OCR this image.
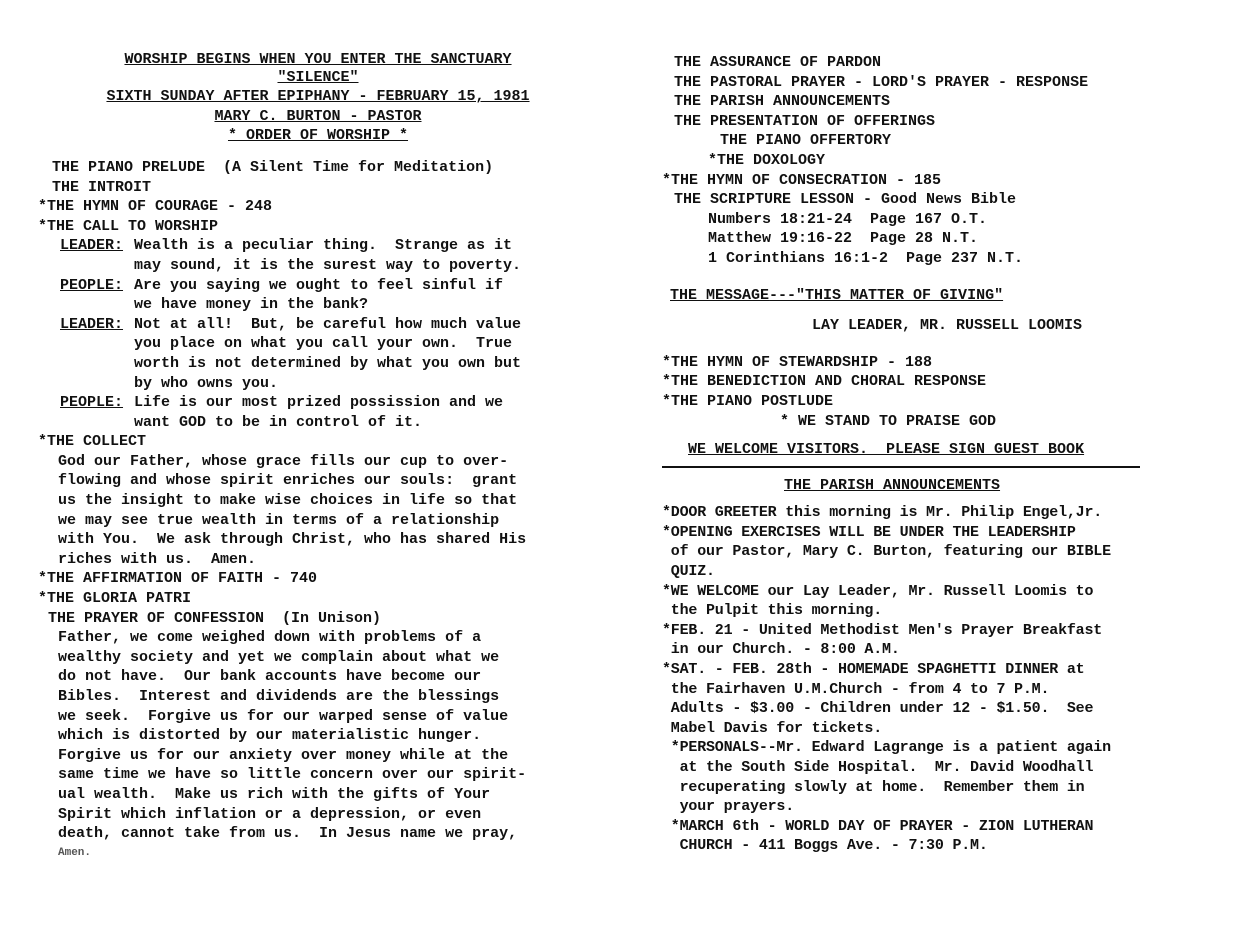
WORSHIP BEGINS WHEN YOU ENTER THE SANCTUARY
"SILENCE"
SIXTH SUNDAY AFTER EPIPHANY - FEBRUARY 15, 1981
MARY C. BURTON - PASTOR
* ORDER OF WORSHIP *
THE PIANO PRELUDE  (A Silent Time for Meditation)
THE INTROIT
*THE HYMN OF COURAGE - 248
*THE CALL TO WORSHIP
LEADER: Wealth is a peculiar thing.  Strange as it
may sound, it is the surest way to poverty.
PEOPLE: Are you saying we ought to feel sinful if
we have money in the bank?
LEADER: Not at all!  But, be careful how much value
you place on what you call your own.  True
worth is not determined by what you own but
by who owns you.
PEOPLE: Life is our most prized possission and we
want GOD to be in control of it.
*THE COLLECT
God our Father, whose grace fills our cup to over-
flowing and whose spirit enriches our souls:  grant
us the insight to make wise choices in life so that
we may see true wealth in terms of a relationship
with You.  We ask through Christ, who has shared His
riches with us.  Amen.
*THE AFFIRMATION OF FAITH - 740
*THE GLORIA PATRI
THE PRAYER OF CONFESSION  (In Unison)
Father, we come weighed down with problems of a
wealthy society and yet we complain about what we
do not have.  Our bank accounts have become our
Bibles.  Interest and dividends are the blessings
we seek.  Forgive us for our warped sense of value
which is distorted by our materialistic hunger.
Forgive us for our anxiety over money while at the
same time we have so little concern over our spirit-
ual wealth.  Make us rich with the gifts of Your
Spirit which inflation or a depression, or even
death, cannot take from us.  In Jesus name we pray,
Amen.
THE ASSURANCE OF PARDON
THE PASTORAL PRAYER - LORD'S PRAYER - RESPONSE
THE PARISH ANNOUNCEMENTS
THE PRESENTATION OF OFFERINGS
THE PIANO OFFERTORY
*THE DOXOLOGY
*THE HYMN OF CONSECRATION - 185
THE SCRIPTURE LESSON - Good News Bible
Numbers 18:21-24  Page 167 O.T.
Matthew 19:16-22  Page 28 N.T.
1 Corinthians 16:1-2  Page 237 N.T.
THE MESSAGE---"THIS MATTER OF GIVING"
LAY LEADER, MR. RUSSELL LOOMIS
*THE HYMN OF STEWARDSHIP - 188
*THE BENEDICTION AND CHORAL RESPONSE
*THE PIANO POSTLUDE
* WE STAND TO PRAISE GOD
WE WELCOME VISITORS.  PLEASE SIGN GUEST BOOK
THE PARISH ANNOUNCEMENTS
*DOOR GREETER this morning is Mr. Philip Engel,Jr.
*OPENING EXERCISES WILL BE UNDER THE LEADERSHIP
of our Pastor, Mary C. Burton, featuring our BIBLE
QUIZ.
*WE WELCOME our Lay Leader, Mr. Russell Loomis to
the Pulpit this morning.
*FEB. 21 - United Methodist Men's Prayer Breakfast
in our Church. - 8:00 A.M.
*SAT. - FEB. 28th - HOMEMADE SPAGHETTI DINNER at
the Fairhaven U.M.Church - from 4 to 7 P.M.
Adults - $3.00 - Children under 12 - $1.50.  See
Mabel Davis for tickets.
*PERSONALS--Mr. Edward Lagrange is a patient again
at the South Side Hospital.  Mr. David Woodhall
recuperating slowly at home.  Remember them in
your prayers.
*MARCH 6th - WORLD DAY OF PRAYER - ZION LUTHERAN
CHURCH - 411 Boggs Ave. - 7:30 P.M.
